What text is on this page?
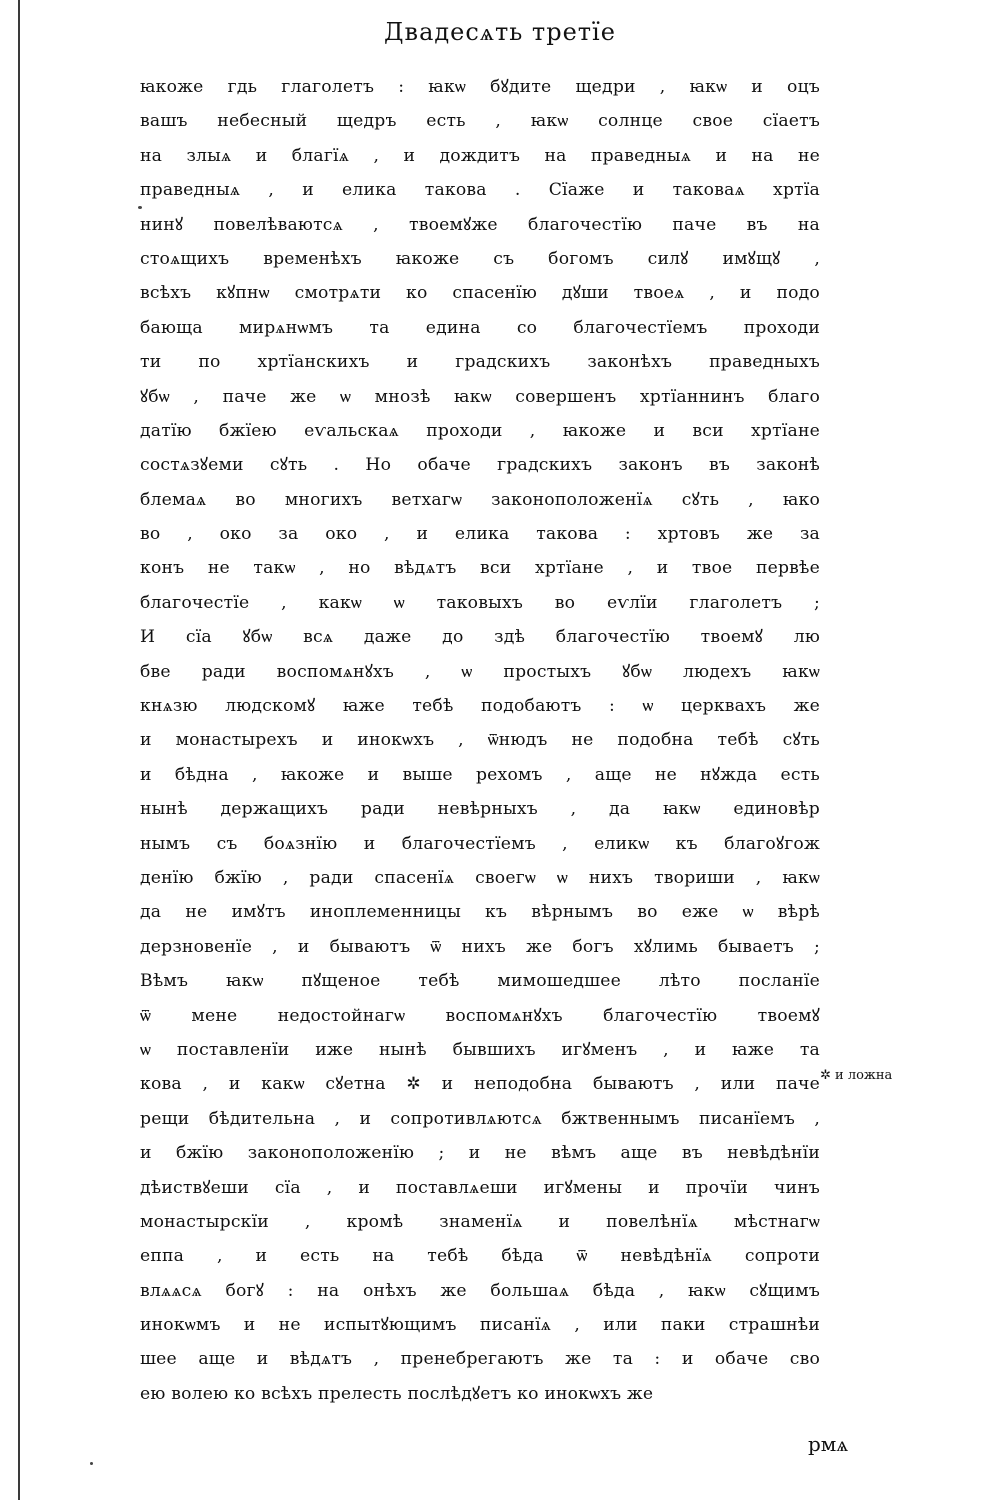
Двадесѧть третїе
ꙗкоже гдь глаголетъ : ꙗкѡ бꙋдите щедри , ꙗкѡ и оцъ
вашъ небесный щедръ есть , ꙗкѡ солнце свое сїаетъ
на злыѧ и благїѧ , и дождитъ на праведныѧ и на не
праведныѧ , и елика такова . Сїаже и таковаѧ хртїа
нинꙋ повелѣваютсѧ , твоемꙋже благочестїю паче въ на
стоѧщихъ временѣхъ ꙗкоже съ богомъ силꙋ имꙋщꙋ ,
всѣхъ кꙋпнѡ смотрѧти ко спасенїю дꙋши твоеѧ , и подо
бающа мирѧнѡмъ та едина со благочестїемъ проходи
ти по хртїанскихъ и градскихъ законѣхъ праведныхъ
ꙋбѡ , паче же ѡ мнозѣ ꙗкѡ совершенъ хртїаннинъ благо
датїю бжїею еѵальскаѧ проходи , ꙗкоже и вси хртїане
состѧзꙋеми сꙋть . Но обаче градскихъ законъ въ законѣ
блемаѧ во многихъ ветхагѡ законоположенїѧ сꙋть , ꙗко
во , око за око , и елика такова : хртовъ же за
конъ не такѡ , но вѣдѧтъ вси хртїане , и твое первѣе
благочестїе , какѡ ѡ таковыхъ во еѵлїи глаголетъ ;
И сїа ꙋбѡ всѧ даже до здѣ благочестїю твоемꙋ лю
бве ради воспомѧнꙋхъ , ѡ простыхъ ꙋбѡ людехъ ꙗкѡ
кнѧзю людскомꙋ ꙗже тебѣ подобаютъ : ѡ церквахъ же
и монастырехъ и инокѡхъ , ѿнюдъ не подобна тебѣ сꙋть
и бѣдна , ꙗкоже и выше рехомъ , аще не нꙋжда есть
нынѣ держащихъ ради невѣрныхъ , да ꙗкѡ единовѣр
нымъ съ боѧзнїю и благочестїемъ , еликѡ къ благоꙋгож
денїю бжїю , ради спасенїѧ своегѡ ѡ нихъ твориши , ꙗкѡ
да не имꙋтъ иноплеменницы къ вѣрнымъ во еже ѡ вѣрѣ
дерзновенїе , и бываютъ ѿ нихъ же богъ хꙋлимь бываетъ ;
Вѣмъ ꙗкѡ пꙋщеное тебѣ мимошедшее лѣто посланїе
ѿ мене недостойнагѡ воспомѧнꙋхъ благочестїю твоемꙋ
ѡ поставленїи иже нынѣ бывшихъ игꙋменъ , и ꙗже та
кова , и какѡ сꙋетна ✲ и неподобна бываютъ , или паче
рещи бѣдительна , и сопротивлѧютсѧ бжтвеннымъ писанїемъ ,
и бжїю законоположенїю ; и не вѣмъ аще въ невѣдѣнїи
дѣиствꙋеши сїа , и поставлѧеши игꙋмены и прочїи чинъ
монастырскїи , кромѣ знаменїѧ и повелѣнїѧ мѣстнагѡ
еппа , и есть на тебѣ бѣда ѿ невѣдѣнїѧ сопроти
влѧѧсѧ богꙋ : на онѣхъ же большаѧ бѣда , ꙗкѡ сꙋщимъ
инокѡмъ и не испытꙋющимъ писанїѧ , или паки страшнѣи
шее аще и вѣдѧтъ , пренебрегаютъ же та : и обаче сво
ею волею ко всѣхъ прелесть послѣдꙋетъ ко инокѡхъ же
✲ и ложна
рмѧ
